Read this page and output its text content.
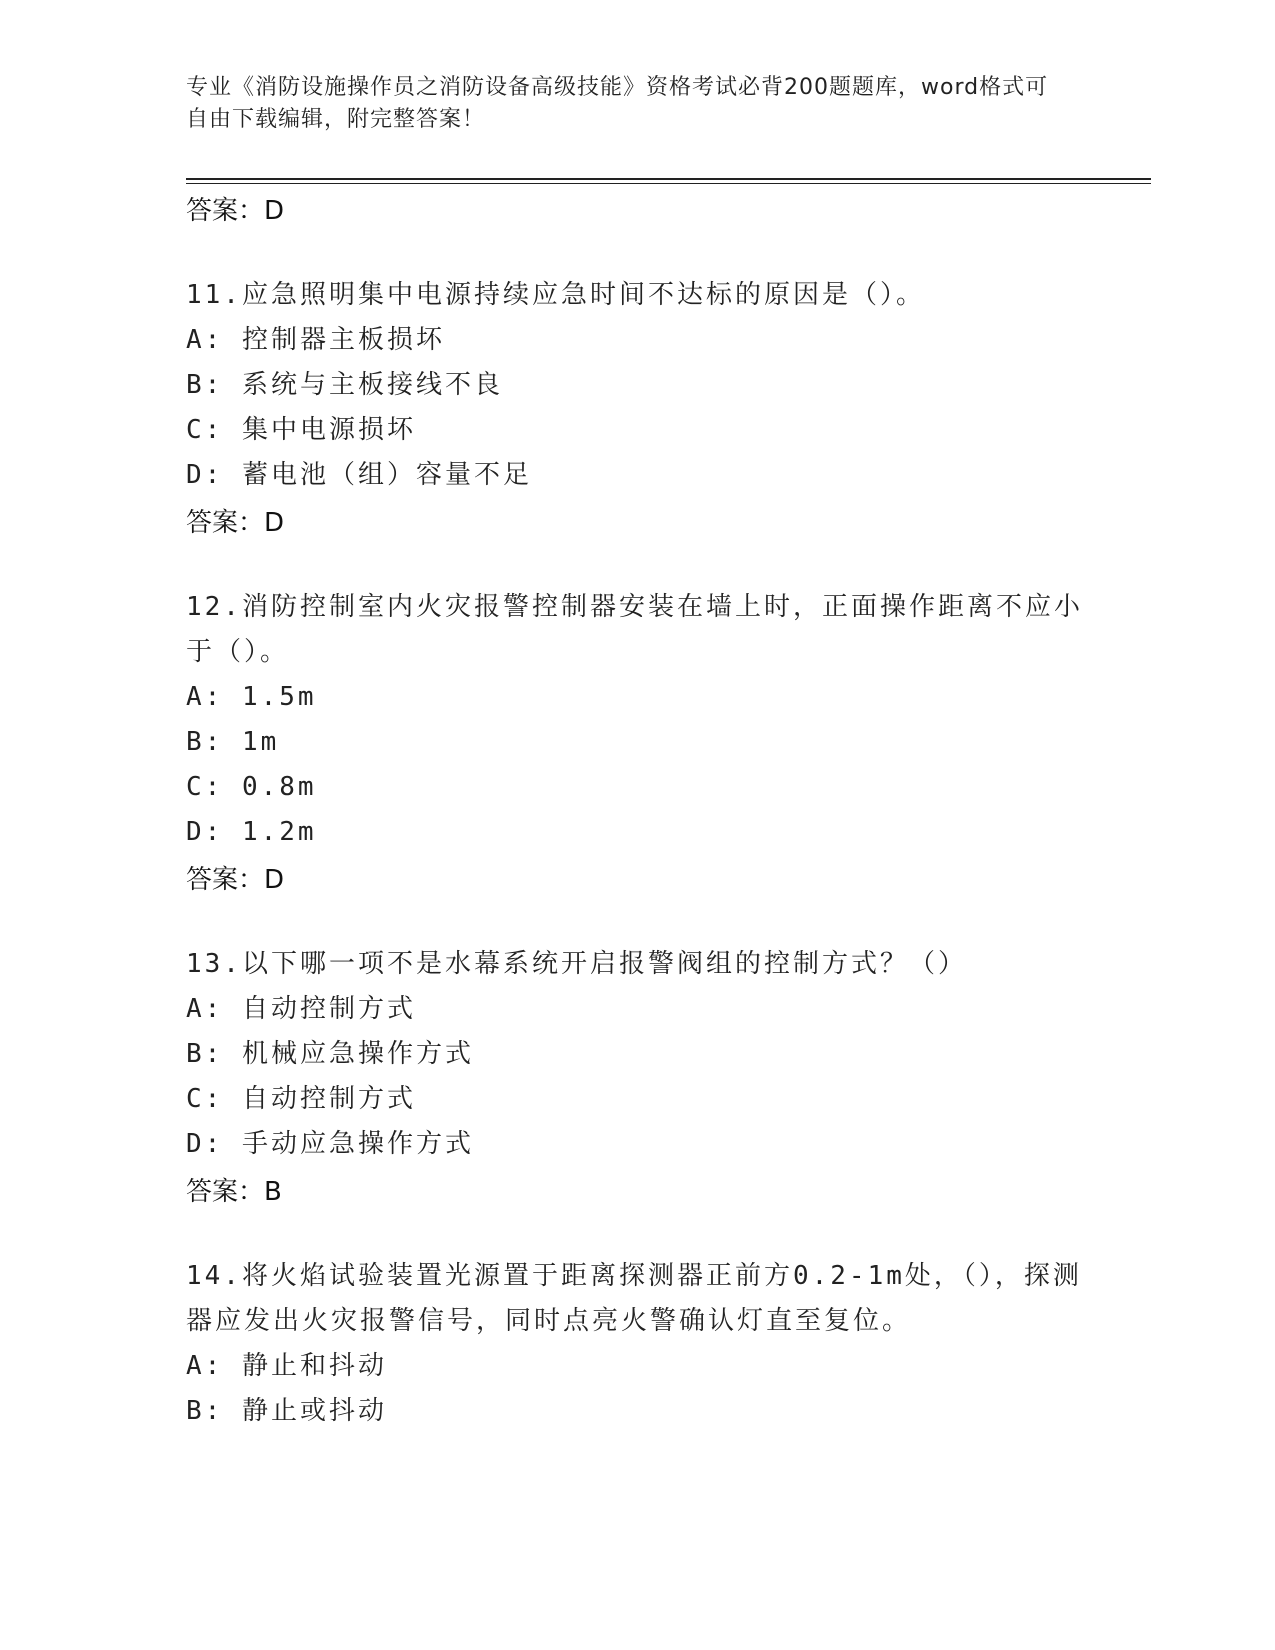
专业《消防设施操作员之消防设备高级技能》资格考试必背200题题库，word格式可自由下载编辑，附完整答案！
答案：D
11.应急照明集中电源持续应急时间不达标的原因是（）。
A: 控制器主板损坏
B: 系统与主板接线不良
C: 集中电源损坏
D: 蓄电池（组）容量不足
答案：D
12.消防控制室内火灾报警控制器安装在墙上时，正面操作距离不应小于（）。
A: 1.5m
B: 1m
C: 0.8m
D: 1.2m
答案：D
13.以下哪一项不是水幕系统开启报警阀组的控制方式？（）
A: 自动控制方式
B: 机械应急操作方式
C: 自动控制方式
D: 手动应急操作方式
答案：B
14.将火焰试验装置光源置于距离探测器正前方0.2-1m处，（），探测器应发出火灾报警信号，同时点亮火警确认灯直至复位。
A: 静止和抖动
B: 静止或抖动
